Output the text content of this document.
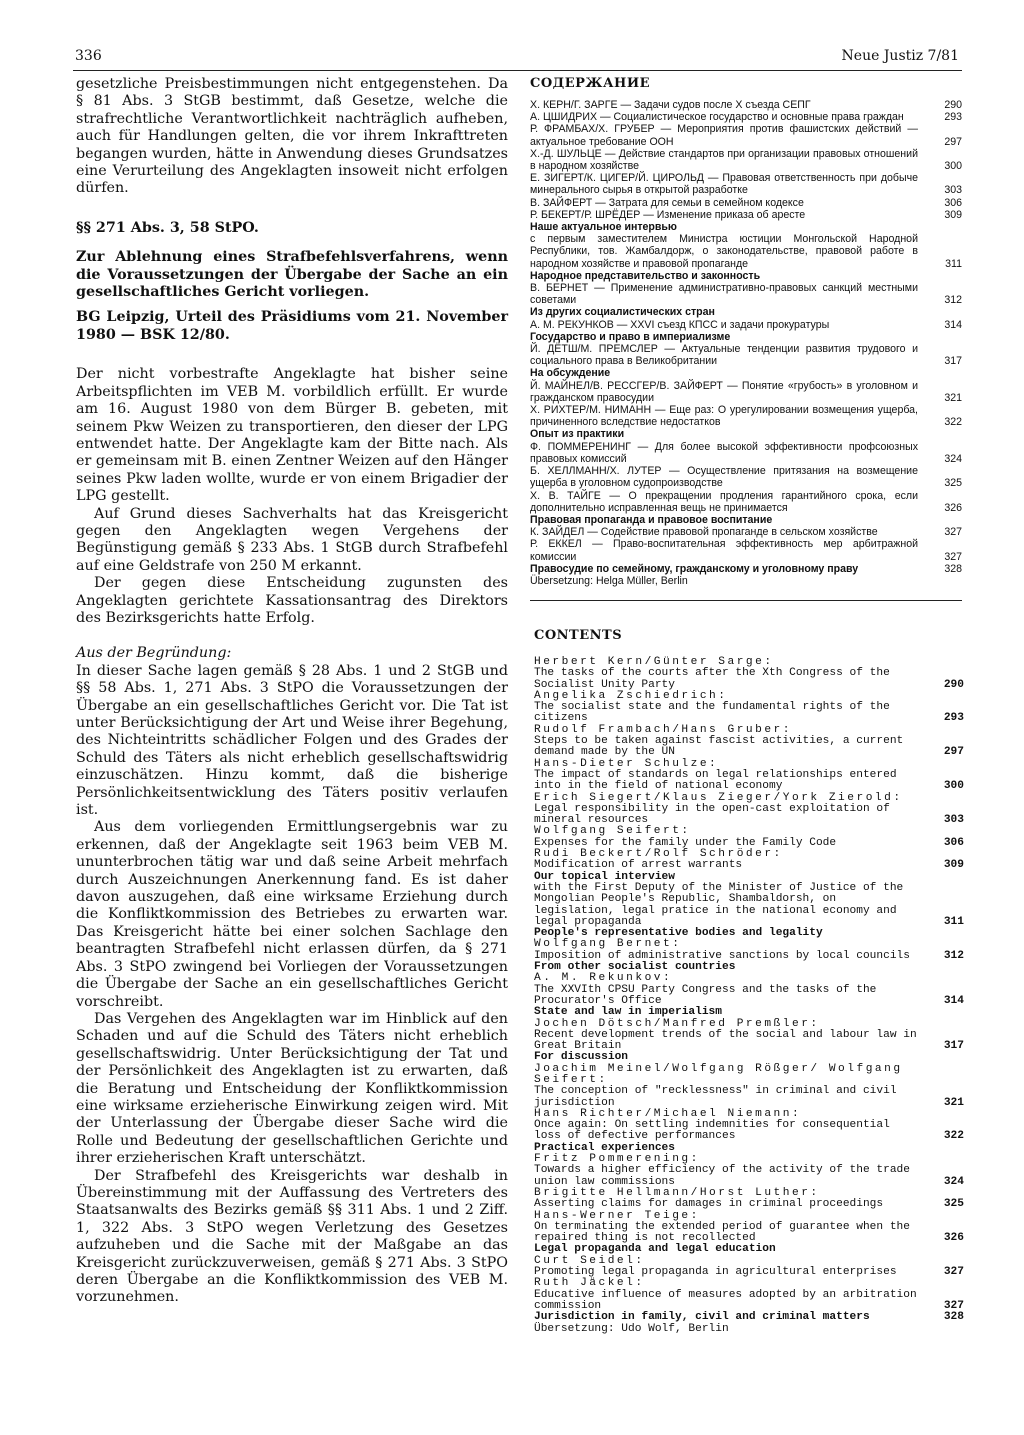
336	Neue Justiz 7/81

gesetzliche Preisbestimmungen nicht entgegenstehen. Da § 81 Abs. 3 StGB bestimmt, daß Gesetze, welche die strafrechtliche Verantwortlichkeit nachträglich aufheben, auch für Handlungen gelten, die vor ihrem Inkrafttreten begangen wurden, hätte in Anwendung dieses Grundsatzes eine Verurteilung des Angeklagten insoweit nicht erfolgen dürfen.

§§ 271 Abs. 3, 58 StPO.
Zur Ablehnung eines Strafbefehlsverfahrens, wenn die Voraussetzungen der Übergabe der Sache an ein gesellschaftliches Gericht vorliegen.
BG Leipzig, Urteil des Präsidiums vom 21. November 1980 — BSK 12/80.

Der nicht vorbestrafte Angeklagte hat bisher seine Arbeitspflichten im VEB M. vorbildlich erfüllt. Er wurde am 16. August 1980 von dem Bürger B. gebeten, mit seinem Pkw Weizen zu transportieren, den dieser der LPG entwendet hatte. Der Angeklagte kam der Bitte nach. Als er gemeinsam mit B. einen Zentner Weizen auf den Hänger seines Pkw laden wollte, wurde er von einem Brigadier der LPG gestellt.

Auf Grund dieses Sachverhalts hat das Kreisgericht gegen den Angeklagten wegen Vergehens der Begünstigung gemäß § 233 Abs. 1 StGB durch Strafbefehl auf eine Geldstrafe von 250 M erkannt.

Der gegen diese Entscheidung zugunsten des Angeklagten gerichtete Kassationsantrag des Direktors des Bezirksgerichts hatte Erfolg.

Aus der Begründung:

In dieser Sache lagen gemäß § 28 Abs. 1 und 2 StGB und §§ 58 Abs. 1, 271 Abs. 3 StPO die Voraussetzungen der Übergabe an ein gesellschaftliches Gericht vor. Die Tat ist unter Berücksichtigung der Art und Weise ihrer Begehung, des Nichteintritts schädlicher Folgen und des Grades der Schuld des Täters als nicht erheblich gesellschaftswidrig einzuschätzen. Hinzu kommt, daß die bisherige Persönlichkeitsentwicklung des Täters positiv verlaufen ist.

Aus dem vorliegenden Ermittlungsergebnis war zu erkennen, daß der Angeklagte seit 1963 beim VEB M. ununterbrochen tätig war und daß seine Arbeit mehrfach durch Auszeichnungen Anerkennung fand. Es ist daher davon auszugehen, daß eine wirksame Erziehung durch die Konfliktkommission des Betriebes zu erwarten war. Das Kreisgericht hätte bei einer solchen Sachlage den beantragten Strafbefehl nicht erlassen dürfen, da § 271 Abs. 3 StPO zwingend bei Vorliegen der Voraussetzungen die Übergabe der Sache an ein gesellschaftliches Gericht vorschreibt.

Das Vergehen des Angeklagten war im Hinblick auf den Schaden und auf die Schuld des Täters nicht erheblich gesellschaftswidrig. Unter Berücksichtigung der Tat und der Persönlichkeit des Angeklagten ist zu erwarten, daß die Beratung und Entscheidung der Konfliktkommission eine wirksame erzieherische Einwirkung zeigen wird. Mit der Unterlassung der Übergabe dieser Sache wird die Rolle und Bedeutung der gesellschaftlichen Gerichte und ihrer erzieherischen Kraft unterschätzt.

Der Strafbefehl des Kreisgerichts war deshalb in Übereinstimmung mit der Auffassung des Vertreters des Staatsanwalts des Bezirks gemäß §§ 311 Abs. 1 und 2 Ziff. 1, 322 Abs. 3 StPO wegen Verletzung des Gesetzes aufzuheben und die Sache mit der Maßgabe an das Kreisgericht zurückzuverweisen, gemäß § 271 Abs. 3 StPO deren Übergabe an die Konfliktkommission des VEB M. vorzunehmen.

СОДЕРЖАНИЕ
Х. КЕРН/Г. ЗАРГЕ — Задачи судов после X съезда СЕПГ	290
А. ЦШИДРИХ — Социалистическое государство и основные права граждан	293
Р. ФРАМБАХ/Х. ГРУБЕР — Мероприятия против фашистских действий — актуальное требование ООН	297
Х.-Д. ШУЛЬЦЕ — Действие стандартов при организации правовых отношений в народном хозяйстве	300
Е. ЗИГЕРТ/К. ЦИГЕР/Й. ЦИРОЛЬД — Правовая ответственность при добыче минерального сырья в открытой разработке	303
В. ЗАЙФЕРТ — Затрата для семьи в семейном кодексе	306
Р. БЕКЕРТ/Р. ШРЁДЕР — Изменение приказа об аресте	309
Наше актуальное интервью
с первым заместителем Министра юстиции Монгольской Народной Республики, тов. Жамбалдорж, о законодательстве, правовой работе в народном хозяйстве и правовой пропаганде	311
Народное представительство и законность
В. БЕРНЕТ — Применение административно-правовых санкций местными советами	312
Из других социалистических стран
А. М. РЕКУНКОВ — XXVI съезд КПСС и задачи прокуратуры	314
Государство и право в империализме
Й. ДЁТШ/М. ПРЕМСЛЕР — Актуальные тенденции развития трудового и социального права в Великобритании	317
На обсуждение
Й. МАЙНЕЛ/В. РЕССГЕР/В. ЗАЙФЕРТ — Понятие «грубость» в уголовном и гражданском правосудии	321
Х. РИХТЕР/М. НИМАНН — Еще раз: О урегулировании возмещения ущерба, причиненного вследствие недостатков	322
Опыт из практики
Ф. ПОММЕРЕНИНГ — Для более высокой эффективности профсоюзных правовых комиссий	324
Б. ХЕЛЛМАНН/Х. ЛУТЕР — Осуществление притязания на возмещение ущерба в уголовном судопроизводстве	325
Х. В. ТАЙГЕ — О прекращении продления гарантийного срока, если дополнительно исправленная вещь не принимается	326
Правовая пропаганда и правовое воспитание
К. ЗАЙДЕЛ — Содействие правовой пропаганде в сельском хозяйстве	327
Р. ЕККЕЛ — Право-воспитательная эффективность мер арбитражной комиссии	327
Правосудие по семейному, гражданскому и уголовному праву	328
Übersetzung: Helga Müller, Berlin
CONTENTS
Herbert Kern/Günter Sarge:
The tasks of the courts after the Xth Congress of the Socialist Unity Party	290
Angelika Zschiedrich:
The socialist state and the fundamental rights of the citizens	293
Rudolf Frambach/Hans Gruber:
Steps to be taken against fascist activities, a current demand made by the UN	297
Hans-Dieter Schulze:
The impact of standards on legal relationships entered into in the field of national economy	300
Erich Siegert/Klaus Zieger/York Zierold:
Legal responsibility in the open-cast exploitation of mineral resources	303
Wolfgang Seifert:
Expenses for the family under the Family Code	306
Rudi Beckert/Rolf Schröder:
Modification of arrest warrants	309
Our topical interview
with the First Deputy of the Minister of Justice of the Mongolian People's Republic, Shambaldorsh, on legislation, legal pratice in the national economy and legal propaganda	311
People's representative bodies and legality
Wolfgang Bernet:
Imposition of administrative sanctions by local councils	312
From other socialist countries
A. M. Rekunkov:
The XXVIth CPSU Party Congress and the tasks of the Procurator's Office	314
State and law in imperialism
Jochen Dötsch/Manfred Premßler:
Recent development trends of the social and labour law in Great Britain	317
For discussion
Joachim Meinel/Wolfgang Rößger/ Wolfgang Seifert:
The conception of "recklessness" in criminal and civil jurisdiction	321
Hans Richter/Michael Niemann:
Once again: On settling indemnities for consequential loss of defective performances	322
Practical experiences
Fritz Pommerening:
Towards a higher efficiency of the activity of the trade union law commissions	324
Brigitte Hellmann/Horst Luther:
Asserting claims for damages in criminal proceedings	325
Hans-Werner Teige:
On terminating the extended period of guarantee when the repaired thing is not recollected	326
Legal propaganda and legal education
Curt Seidel:
Promoting legal propaganda in agricultural enterprises	327
Ruth Jäckel:
Educative influence of measures adopted by an arbitration commission	327
Jurisdiction in family, civil and criminal matters	328
Übersetzung: Udo Wolf, Berlin
